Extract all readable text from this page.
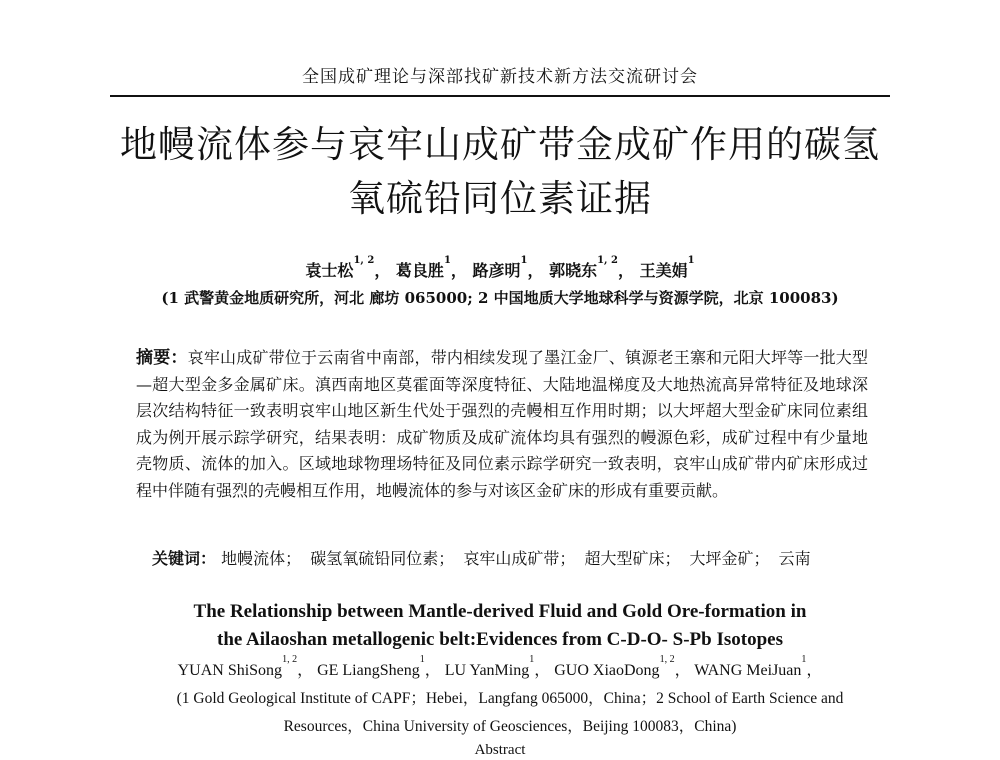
全国成矿理论与深部找矿新技术新方法交流研讨会
地幔流体参与哀牢山成矿带金成矿作用的碳氢
氧硫铅同位素证据
袁士松$^{1, 2}$， 葛良胜$^1$， 路彦明$^1$， 郭晓东$^{1, 2}$， 王美娟$^1$
(1 武警黄金地质研究所，河北 廊坊 065000; 2 中国地质大学地球科学与资源学院，北京 100083)
摘要：哀牢山成矿带位于云南省中南部，带内相续发现了墨江金厂、镇源老王寨和元阳大坪等一批大型—超大型金多金属矿床。滇西南地区莫霍面等深度特征、大陆地温梯度及大地热流高异常特征及地球深层次结构特征一致表明哀牢山地区新生代处于强烈的壳幔相互作用时期；以大坪超大型金矿床同位素组成为例开展示踪学研究，结果表明：成矿物质及成矿流体均具有强烈的幔源色彩，成矿过程中有少量地壳物质、流体的加入。区域地球物理场特征及同位素示踪学研究一致表明，哀牢山成矿带内矿床形成过程中伴随有强烈的壳幔相互作用，地幔流体的参与对该区金矿床的形成有重要贡献。
关键词： 地幔流体； 碳氢氧硫铅同位素； 哀牢山成矿带； 超大型矿床； 大坪金矿； 云南
The Relationship between Mantle-derived Fluid and Gold Ore-formation in
the Ailaoshan metallogenic belt:Evidences from C-D-O- S-Pb Isotopes
YUAN ShiSong$^{1, 2}$， GE LiangSheng$^1$， LU YanMing$^1$， GUO XiaoDong$^{1, 2}$， WANG MeiJuan$^1$，
(1 Gold Geological Institute of CAPF；Hebei，Langfang 065000，China；2 School of Earth Science and
Resources，China University of Geosciences，Beijing 100083，China)
Abstract
